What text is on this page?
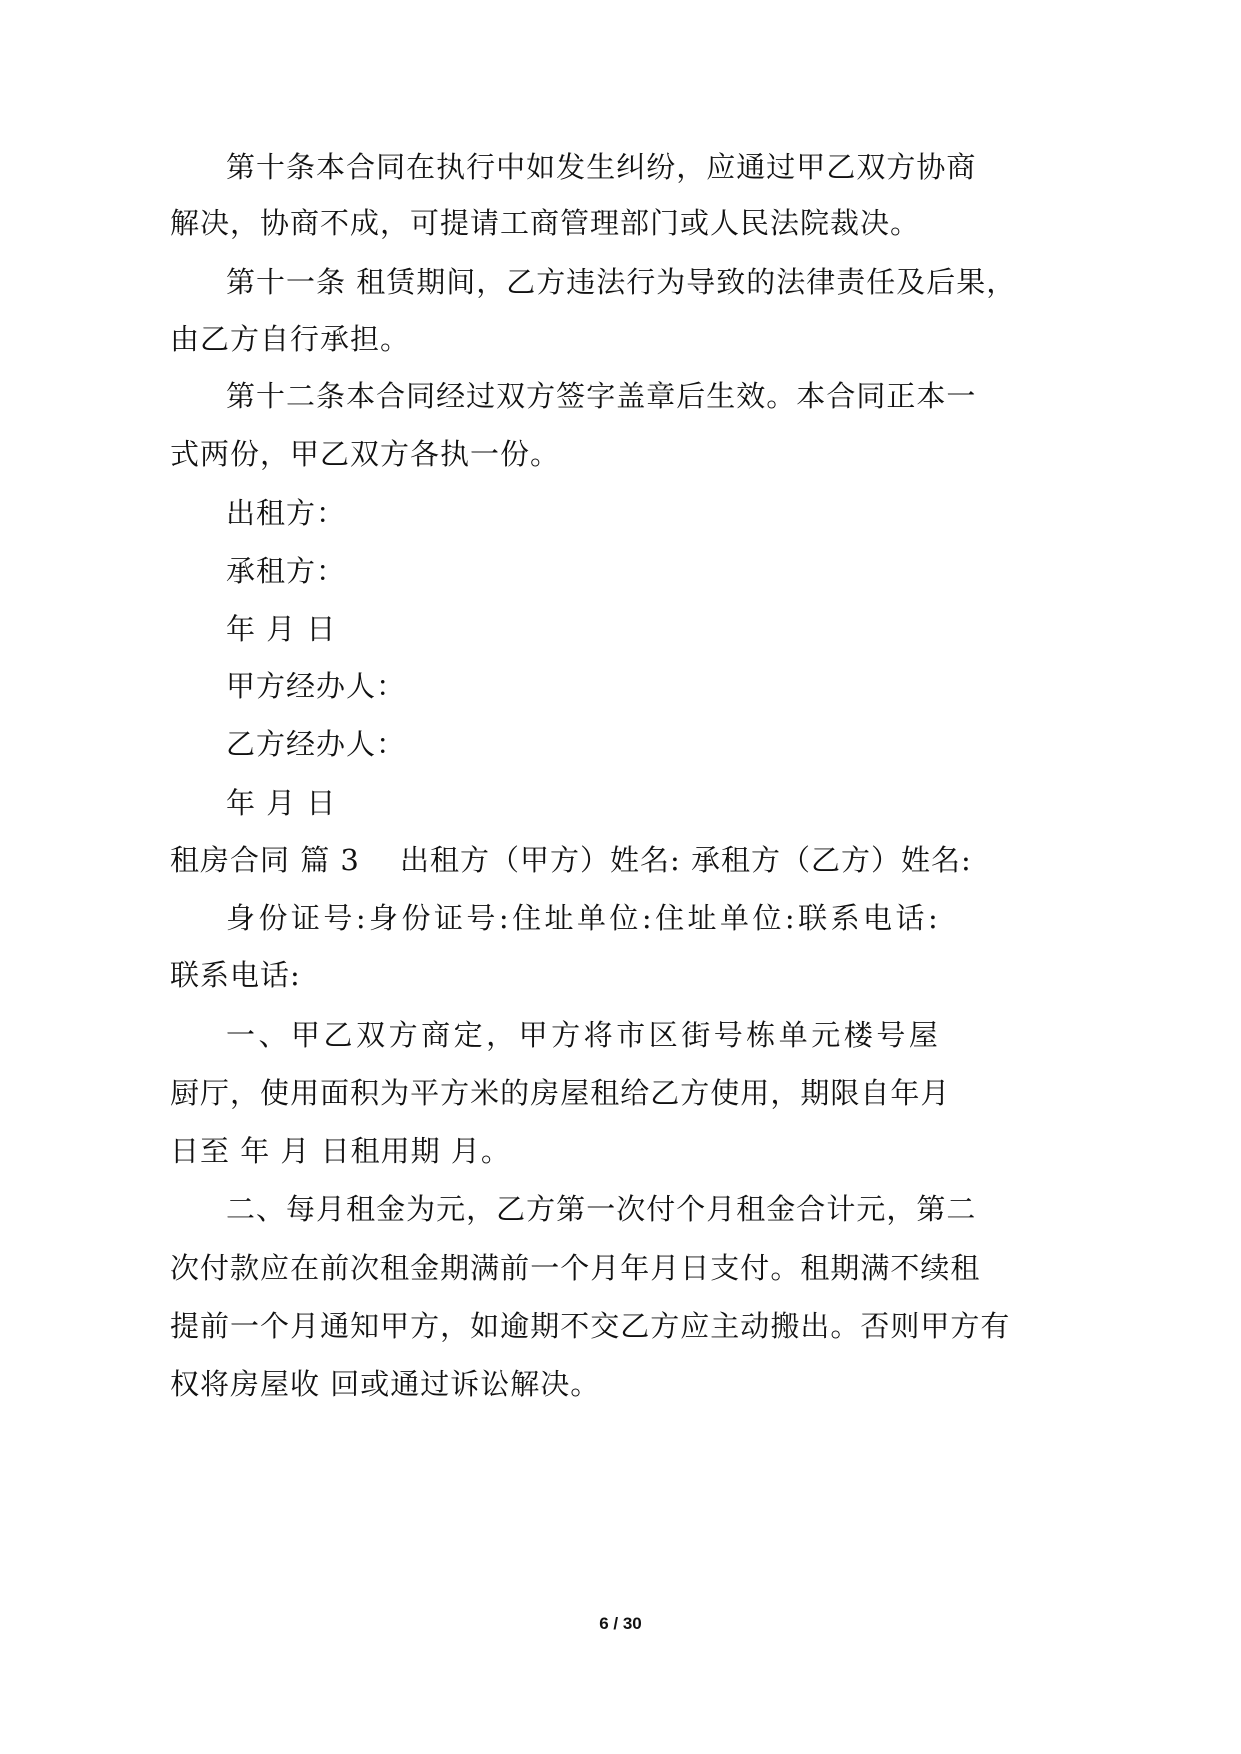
第 十 条 本 合 同 在 执 行 中 如 发 生 纠 纷 ， 应 通 过 甲 乙 双 方 协 商

解决，协商不成，可提请工商管理部门或人民法院裁决。

第十一条 租赁期间，乙方违法行为导致的法律责任及后果，

由乙方自行承担。

第 十 二 条 本 合 同 经 过 双 方 签 字 盖 章 后 生 效 。 本 合 同 正 本 一

式两份，甲乙双方各执一份。

出租方：

承租方：

年 月 日

甲方经办人：

乙方经办人：

年 月 日

租房合同 篇 3 出租方（甲方）姓名: 承租方（乙方）姓名:

身 份 证 号 : 身 份 证 号 : 住 址 单 位 : 住 址 单 位 : 联 系 电 话 :

联系电话:

一 、 甲 乙 双 方 商 定 ， 甲 方 将 市 区 街 号 栋 单 元 楼 号 屋

厨 厅 ， 使 用 面 积 为 平 方 米 的 房 屋 租 给 乙 方 使 用 ， 期 限 自 年 月

日至 年 月 日租用期 月。

二 、 每 月 租 金 为 元 ， 乙 方 第 一 次 付 个 月 租 金 合 计 元 ， 第 二

次 付 款 应 在 前 次 租 金 期 满 前 一 个 月 年 月 日 支 付 。 租 期 满 不 续 租

提 前 一 个 月 通 知 甲 方 ， 如 逾 期 不 交 乙 方 应 主 动 搬 出 。 否 则 甲 方 有

权将房屋收 回或通过诉讼解决。

6 / 30
